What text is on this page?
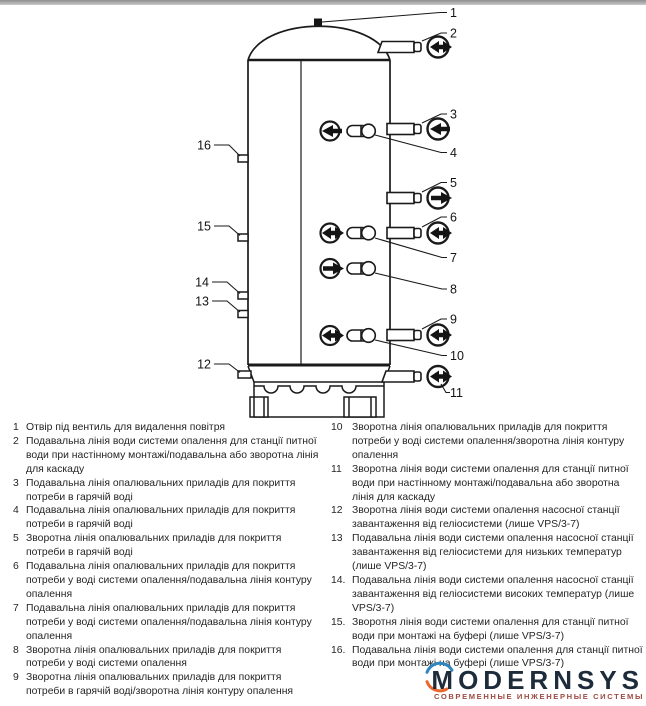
1
2
3
4
5
6
7
8
9
10
11
12
13
14
15
16
1 Отвір під вентиль для видалення повітря
2 Подавальна лінія води системи опалення для станції питної води при настінному монтажі/подавальна або зворотна лінія для каскаду
3 Подавальна лінія опалювальних приладів для покриття потреби в гарячій воді
4 Подавальна лінія опалювальних приладів для покриття потреби в гарячій воді
5 Зворотна лінія опалювальних приладів для покриття потреби в гарячій воді
6 Подавальна лінія опалювальних приладів для покриття потреби у воді системи опалення/подавальна лінія контуру опалення
7 Подавальна лінія опалювальних приладів для покриття потреби у воді системи опалення/подавальна лінія контуру опалення
8 Зворотна лінія опалювальних приладів для покриття потреби у воді системи опалення
9 Зворотна лінія опалювальних приладів для покриття потреби в гарячій воді/зворотна лінія контуру опалення
10 Зворотна лінія опалювальних приладів для покриття потреби у воді системи опалення/зворотна лінія контуру опалення
11 Зворотна лінія води системи опалення для станції питної води при настінному монтажі/подавальна або зворотна лінія для каскаду
12 Зворотна лінія води системи опалення насосної станції завантаження від геліосистеми (лише VPS/3-7)
13 Подавальна лінія води системи опалення насосної станції завантаження від геліосистеми для низьких температур (лише VPS/3-7)
14. Подавальна лінія води системи опалення насосної станції завантаження від геліосистеми високих температур (лише VPS/3-7)
15. Зворотня лінія води системи опалення для станції питної води при монтажі на буфері (лише VPS/3-7)
16. Подавальна лінія води системи опалення для станції питної води при монтажі на буфері (лише VPS/3-7)
MODERNSYS
СОВРЕМЕННЫЕ ИНЖЕНЕРНЫЕ СИСТЕМЫ
